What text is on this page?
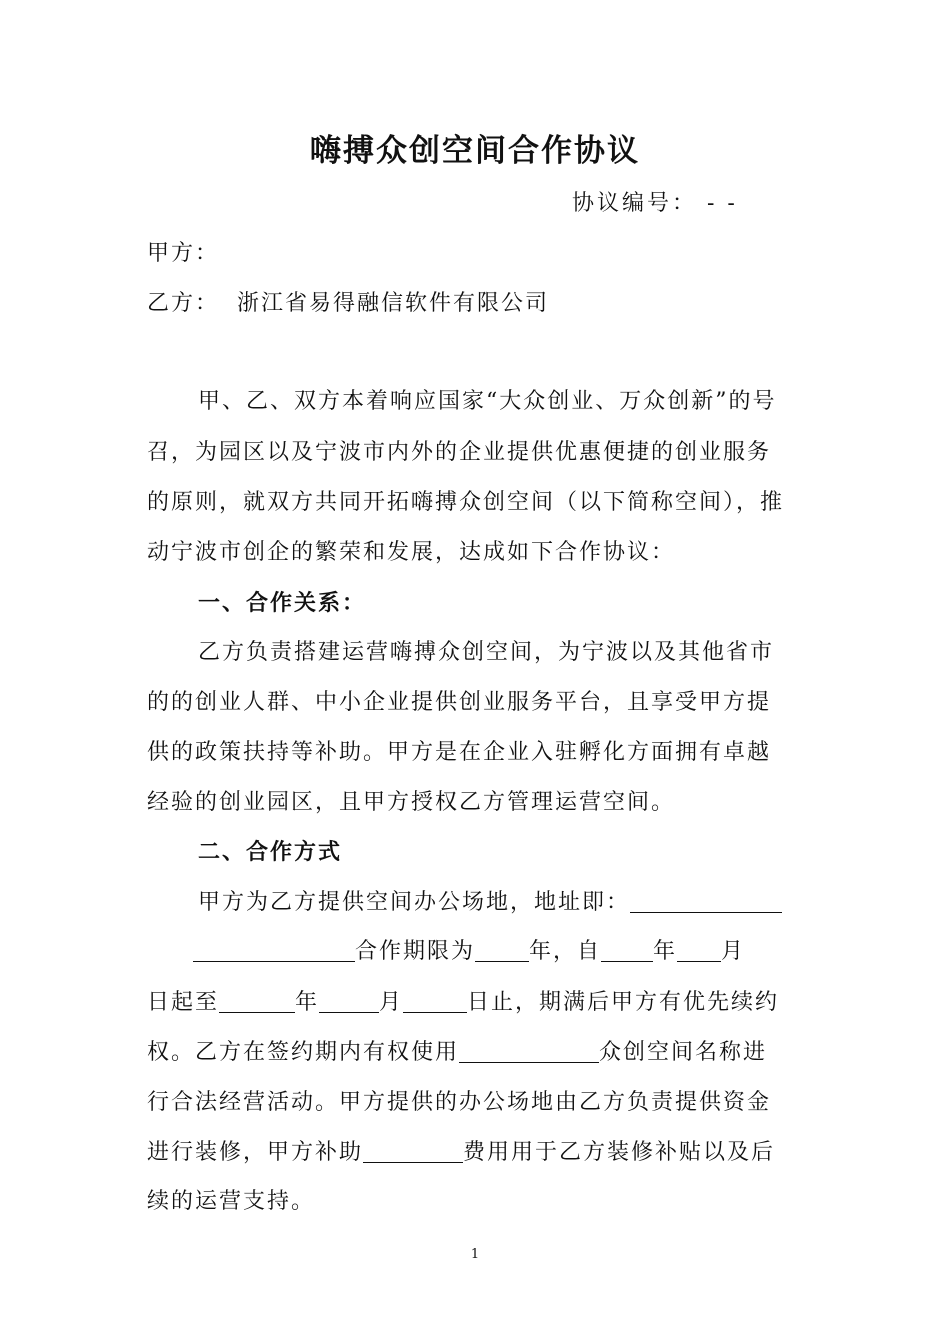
嗨搏众创空间合作协议
协议编号： - -
甲方：
乙方： 浙江省易得融信软件有限公司
甲、乙、双方本着响应国家“大众创业、万众创新”的号
召，为园区以及宁波市内外的企业提供优惠便捷的创业服务
的原则，就双方共同开拓嗨搏众创空间（以下简称空间），推
动宁波市创企的繁荣和发展，达成如下合作协议：
一、合作关系：
乙方负责搭建运营嗨搏众创空间，为宁波以及其他省市
的的创业人群、中小企业提供创业服务平台，且享受甲方提
供的政策扶持等补助。甲方是在企业入驻孵化方面拥有卓越
经验的创业园区，且甲方授权乙方管理运营空间。
二、合作方式
甲方为乙方提供空间办公场地，地址即：
合作期限为 年，自 年 月
日起至	年	月	日止，期满后甲方有优先续约
权。乙方在签约期内有权使用	众创空间名称进
行合法经营活动。甲方提供的办公场地由乙方负责提供资金
进行装修，甲方补助	费用用于乙方装修补贴以及后
续的运营支持。
1
